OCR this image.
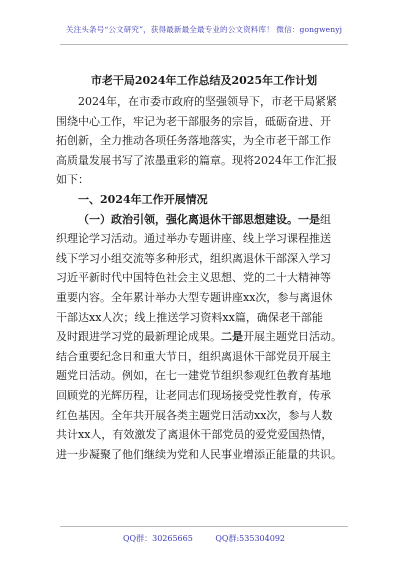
关注头条号“公文研究”，获得最新最全最专业的公文资料库！ 微信：gongwenyj
市老干局2024年工作总结及2025年工作计划
2024年，在市委市政府的坚强领导下，市老干局紧紧
围绕中心工作，牢记为老干部服务的宗旨，砥砺奋进、开
拓创新，全力推动各项任务落地落实，为全市老干部工作
高质量发展书写了浓墨重彩的篇章。现将2024年工作汇报
如下：
一、2024年工作开展情况
（一）政治引领，强化离退休干部思想建设。一是组
织理论学习活动。通过举办专题讲座、线上学习课程推送
线下学习小组交流等多种形式，组织离退休干部深入学习
习近平新时代中国特色社会主义思想、党的二十大精神等
重要内容。全年累计举办大型专题讲座xx次，参与离退休
干部达xx人次；线上推送学习资料xx篇，确保老干部能
及时跟进学习党的最新理论成果。二是开展主题党日活动。
结合重要纪念日和重大节日，组织离退休干部党员开展主
题党日活动。例如，在七一建党节组织参观红色教育基地
回顾党的光辉历程，让老同志们现场接受党性教育，传承
红色基因。全年共开展各类主题党日活动xx次，参与人数
共计xx人，有效激发了离退休干部党员的爱党爱国热情，
进一步凝聚了他们继续为党和人民事业增添正能量的共识。
QQ群：30265665	QQ群:535304092
